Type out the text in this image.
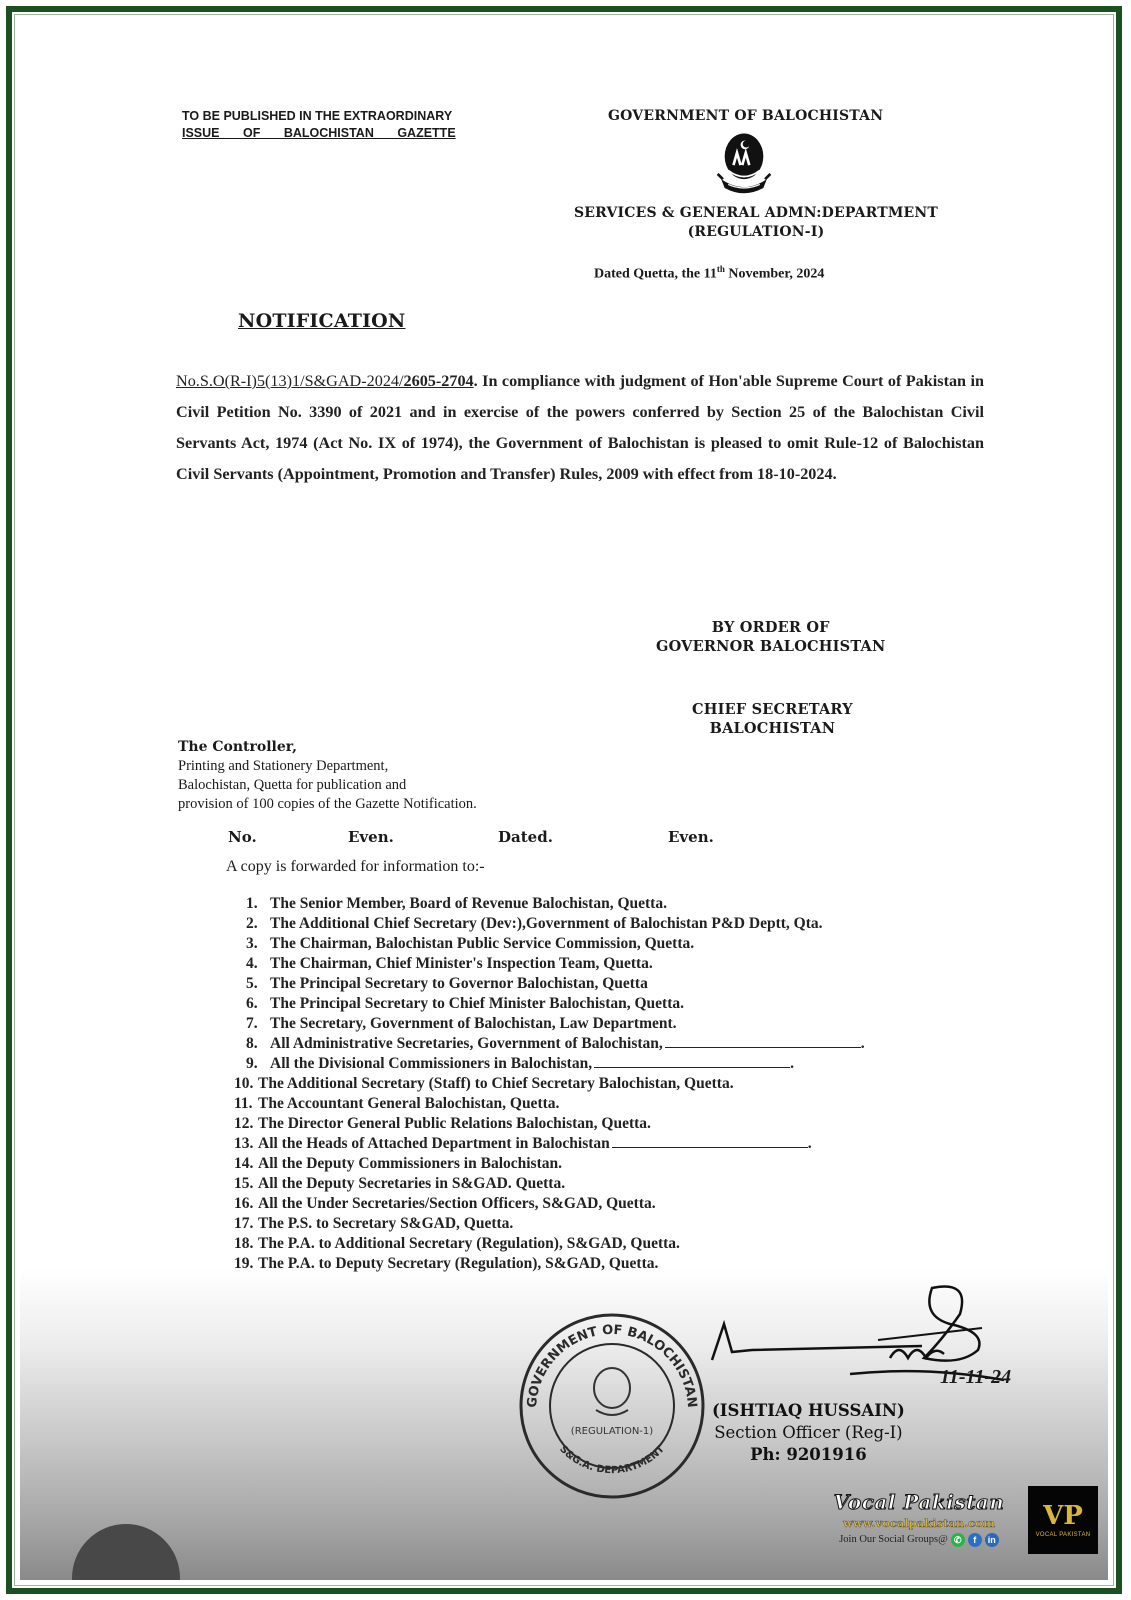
TO BE PUBLISHED IN THE EXTRAORDINARY
ISSUE OF BALOCHISTAN GAZETTE
GOVERNMENT OF BALOCHISTAN
SERVICES & GENERAL ADMN:DEPARTMENT
(REGULATION-I)
Dated Quetta, the 11th November, 2024
NOTIFICATION
No.S.O(R-I)5(13)1/S&GAD-2024/2605-2704. In compliance with judgment of Hon'able Supreme Court of Pakistan in Civil Petition No. 3390 of 2021 and in exercise of the powers conferred by Section 25 of the Balochistan Civil Servants Act, 1974 (Act No. IX of 1974), the Government of Balochistan is pleased to omit Rule-12 of Balochistan Civil Servants (Appointment, Promotion and Transfer) Rules, 2009 with effect from 18-10-2024.
BY ORDER OF
GOVERNOR BALOCHISTAN
CHIEF SECRETARY
BALOCHISTAN
The Controller,
Printing and Stationery Department,
Balochistan, Quetta for publication and
provision of 100 copies of the Gazette Notification.
No.	Even.	Dated.	Even.
A copy is forwarded for information to:-
1. The Senior Member, Board of Revenue Balochistan, Quetta.
2. The Additional Chief Secretary (Dev:),Government of Balochistan P&D Deptt, Qta.
3. The Chairman, Balochistan Public Service Commission, Quetta.
4. The Chairman, Chief Minister's Inspection Team, Quetta.
5. The Principal Secretary to Governor Balochistan, Quetta
6. The Principal Secretary to Chief Minister Balochistan, Quetta.
7. The Secretary, Government of Balochistan, Law Department.
8. All Administrative Secretaries, Government of Balochistan,	.
9. All the Divisional Commissioners in Balochistan,	.
10. The Additional Secretary (Staff) to Chief Secretary Balochistan, Quetta.
11. The Accountant General Balochistan, Quetta.
12. The Director General Public Relations Balochistan, Quetta.
13. All the Heads of Attached Department in Balochistan	.
14. All the Deputy Commissioners in Balochistan.
15. All the Deputy Secretaries in S&GAD. Quetta.
16. All the Under Secretaries/Section Officers, S&GAD, Quetta.
17. The P.S. to Secretary S&GAD, Quetta.
18. The P.A. to Additional Secretary (Regulation), S&GAD, Quetta.
19. The P.A. to Deputy Secretary (Regulation), S&GAD, Quetta.
GOVERNMENT OF BALOCHISTAN
S&G.A. DEPARTMENT
(REGULATION-1)
(ISHTIAQ HUSSAIN)
Section Officer (Reg-I)
Ph: 9201916
11-11-24
Vocal Pakistan
www.vocalpakistan.com
Join Our Social Groups@ ✆	f	in
VP
VOCAL PAKISTAN
